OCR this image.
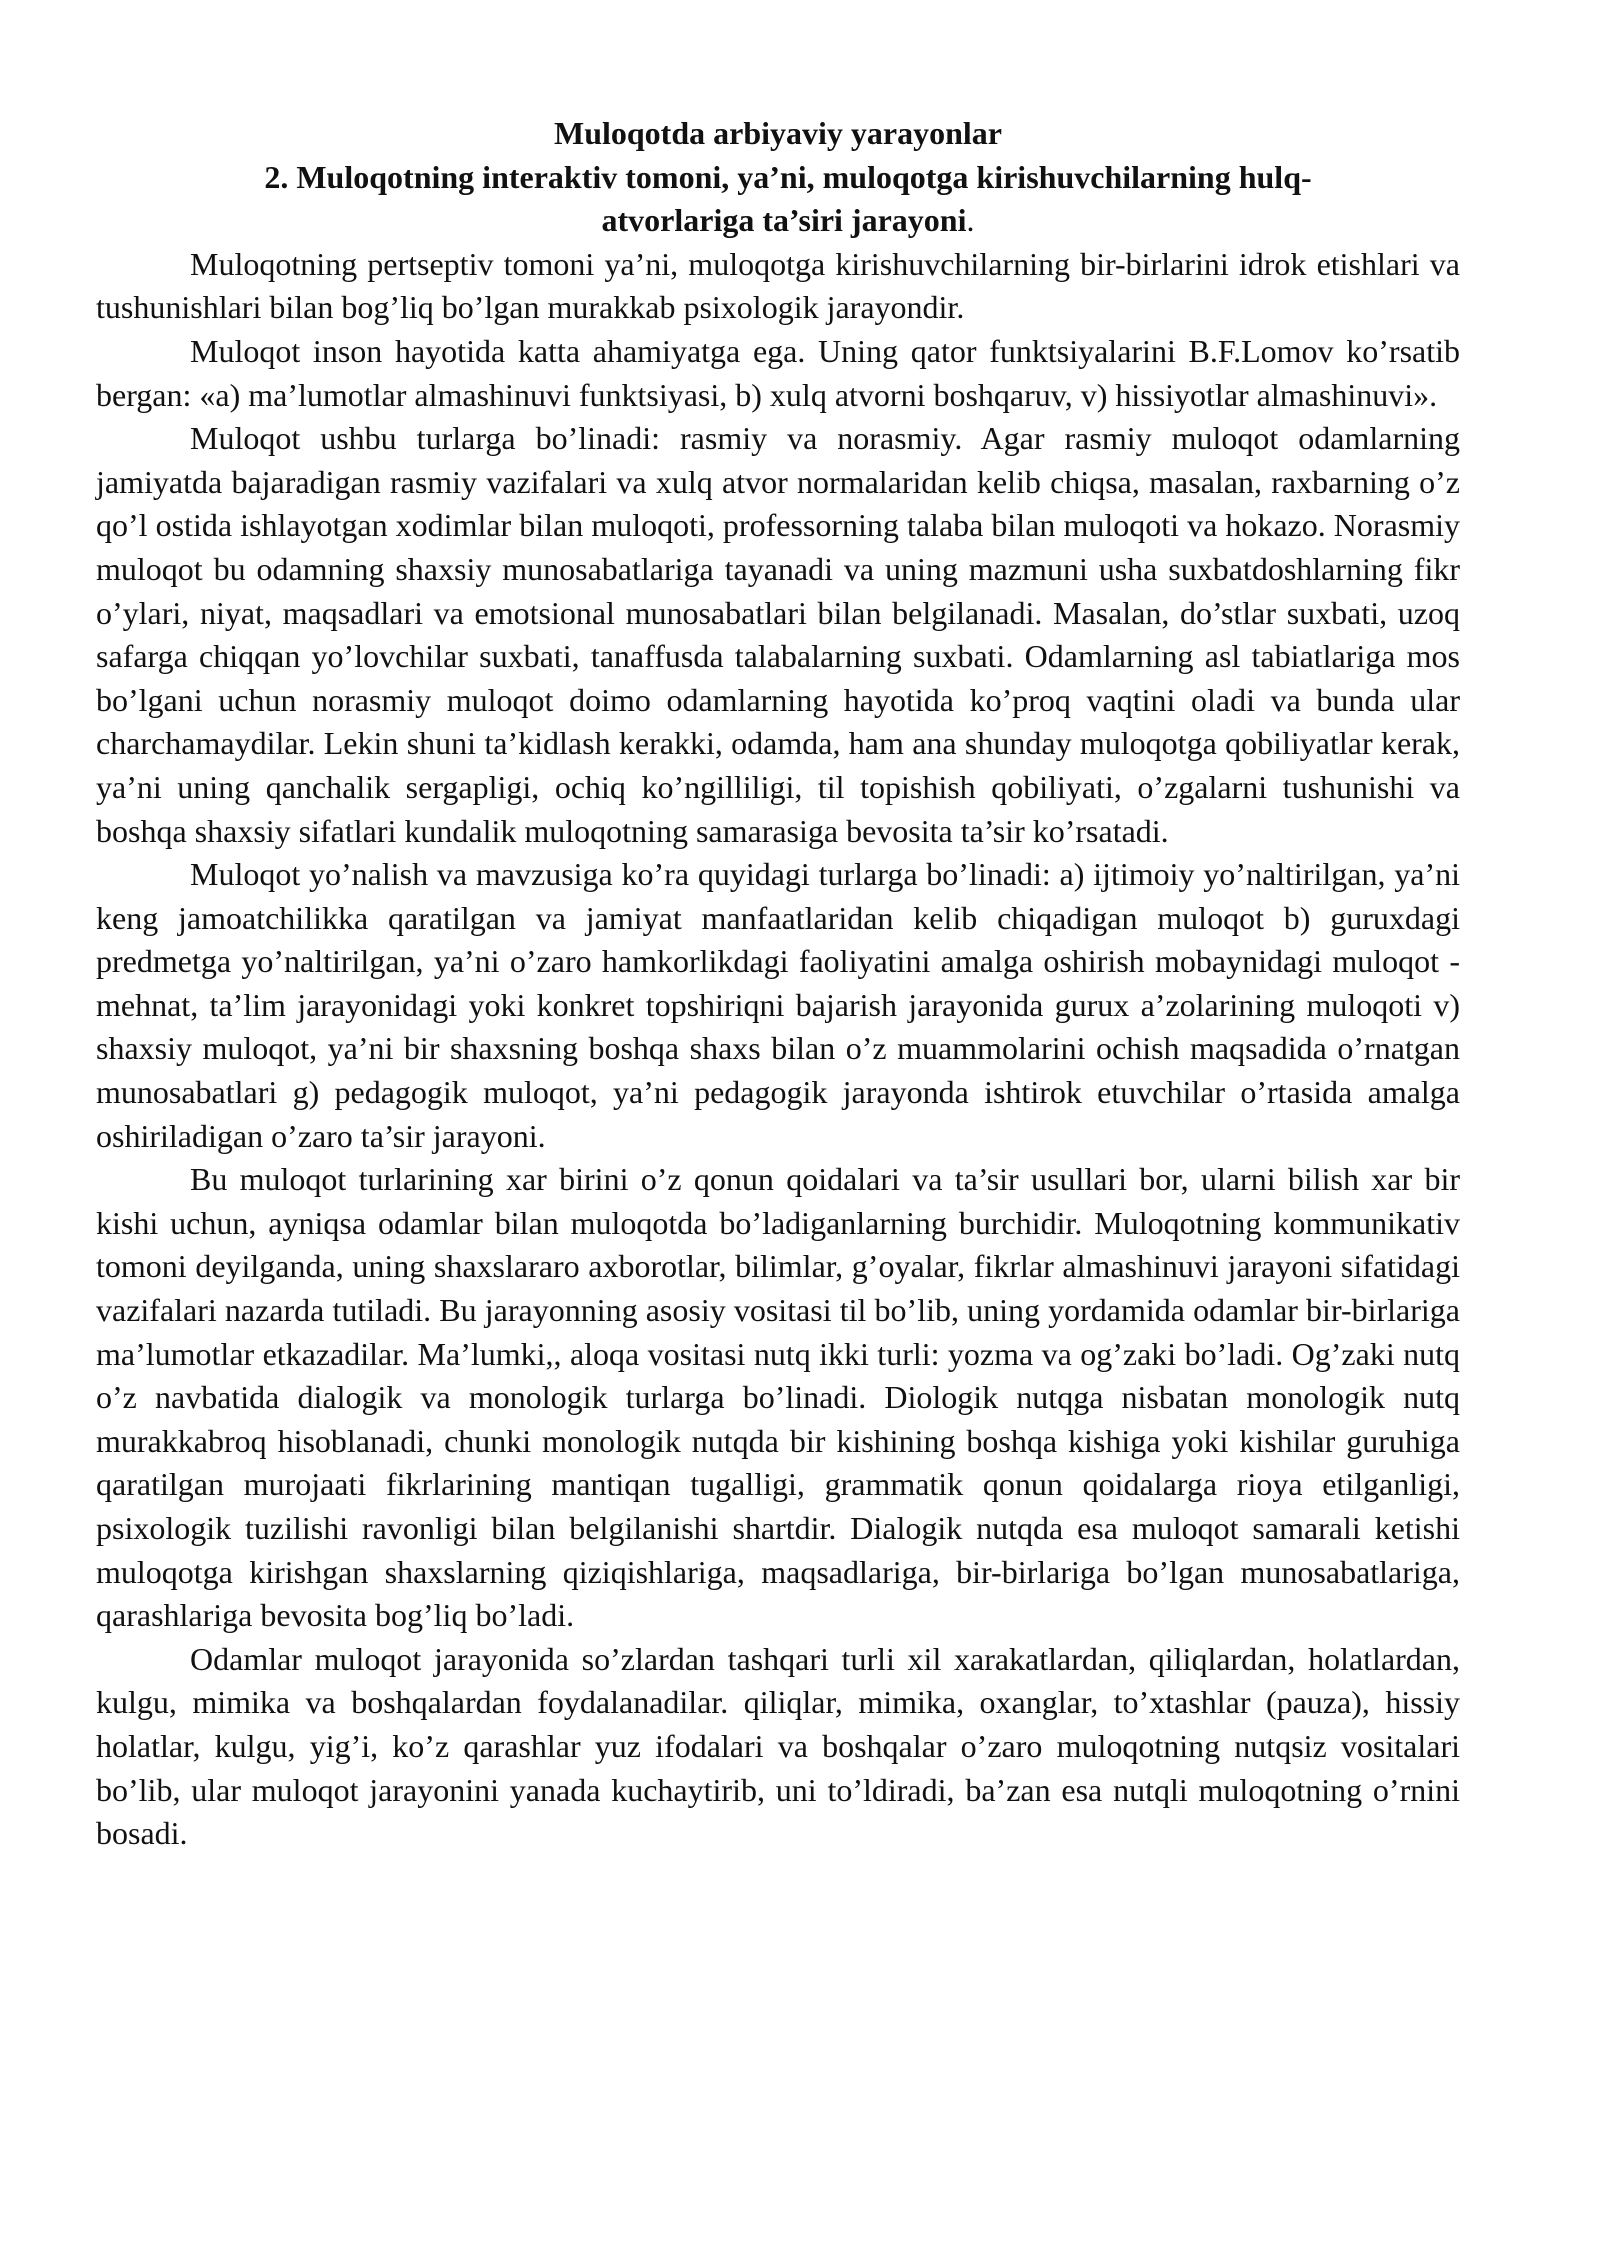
Muloqotda arbiyaviy yarayonlar

2. Muloqotning interaktiv tomoni, ya’ni, muloqotga kirishuvchilarning hulq-atvorlariga ta’siri jarayoni.

Muloqotning pertseptiv tomoni ya’ni, muloqotga kirishuvchilarning bir-birlarini idrok etishlari va tushunishlari bilan bog’liq bo’lgan murakkab psixologik jarayondir.

Muloqot inson hayotida katta ahamiyatga ega. Uning qator funktsiyalarini B.F.Lomov ko’rsatib bergan: «a) ma’lumotlar almashinuvi funktsiyasi, b) xulq atvorni boshqaruv, v) hissiyotlar almashinuvi».

Muloqot ushbu turlarga bo’linadi: rasmiy va norasmiy. Agar rasmiy muloqot odamlarning jamiyatda bajaradigan rasmiy vazifalari va xulq atvor normalaridan kelib chiqsa, masalan, raxbarning o’z qo’l ostida ishlayotgan xodimlar bilan muloqoti, professorning talaba bilan muloqoti va hokazo. Norasmiy muloqot bu odamning shaxsiy munosabatlariga tayanadi va uning mazmuni usha suxbatdoshlarning fikr o’ylari, niyat, maqsadlari va emotsional munosabatlari bilan belgilanadi. Masalan, do’stlar suxbati, uzoq safarga chiqqan yo’lovchilar suxbati, tanaffusda talabalarning suxbati. Odamlarning asl tabiatlariga mos bo’lgani uchun norasmiy muloqot doimo odamlarning hayotida ko’proq vaqtini oladi va bunda ular charchamaydilar. Lekin shuni ta’kidlash kerakki, odamda, ham ana shunday muloqotga qobiliyatlar kerak, ya’ni uning qanchalik sergapligi, ochiq ko’ngilliligi, til topishish qobiliyati, o’zgalarni tushunishi va boshqa shaxsiy sifatlari kundalik muloqotning samarasiga bevosita ta’sir ko’rsatadi.

Muloqot yo’nalish va mavzusiga ko’ra quyidagi turlarga bo’linadi: a) ijtimoiy yo’naltirilgan, ya’ni keng jamoatchilikka qaratilgan va jamiyat manfaatlaridan kelib chiqadigan muloqot b) guruxdagi predmetga yo’naltirilgan, ya’ni o’zaro hamkorlikdagi faoliyatini amalga oshirish mobaynidagi muloqot - mehnat, ta’lim jarayonidagi yoki konkret topshiriqni bajarish jarayonida gurux a’zolarining muloqoti v) shaxsiy muloqot, ya’ni bir shaxsning boshqa shaxs bilan o’z muammolarini ochish maqsadida o’rnatgan munosabatlari g) pedagogik muloqot, ya’ni pedagogik jarayonda ishtirok etuvchilar o’rtasida amalga oshiriladigan o’zaro ta’sir jarayoni.

Bu muloqot turlarining xar birini o’z qonun qoidalari va ta’sir usullari bor, ularni bilish xar bir kishi uchun, ayniqsa odamlar bilan muloqotda bo’ladiganlarning burchidir. Muloqotning kommunikativ tomoni deyilganda, uning shaxslararo axborotlar, bilimlar, g’oyalar, fikrlar almashinuvi jarayoni sifatidagi vazifalari nazarda tutiladi. Bu jarayonning asosiy vositasi til bo’lib, uning yordamida odamlar bir-birlariga ma’lumotlar etkazadilar. Ma’lumki,, aloqa vositasi nutq ikki turli: yozma va og’zaki bo’ladi. Og’zaki nutq o’z navbatida dialogik va monologik turlarga bo’linadi. Diologik nutqga nisbatan monologik nutq murakkabroq hisoblanadi, chunki monologik nutqda bir kishining boshqa kishiga yoki kishilar guruhiga qaratilgan murojaati fikrlarining mantiqan tugalligi, grammatik qonun qoidalarga rioya etilganligi, psixologik tuzilishi ravonligi bilan belgilanishi shartdir. Dialogik nutqda esa muloqot samarali ketishi muloqotga kirishgan shaxslarning qiziqishlariga, maqsadlariga, bir-birlariga bo’lgan munosabatlariga, qarashlariga bevosita bog’liq bo’ladi.

Odamlar muloqot jarayonida so’zlardan tashqari turli xil xarakatlardan, qiliqlardan, holatlardan, kulgu, mimika va boshqalardan foydalanadilar. qiliqlar, mimika, oxanglar, to’xtashlar (pauza), hissiy holatlar, kulgu, yig’i, ko’z qarashlar yuz ifodalari va boshqalar o’zaro muloqotning nutqsiz vositalari bo’lib, ular muloqot jarayonini yanada kuchaytirib, uni to’ldiradi, ba’zan esa nutqli muloqotning o’rnini bosadi.
